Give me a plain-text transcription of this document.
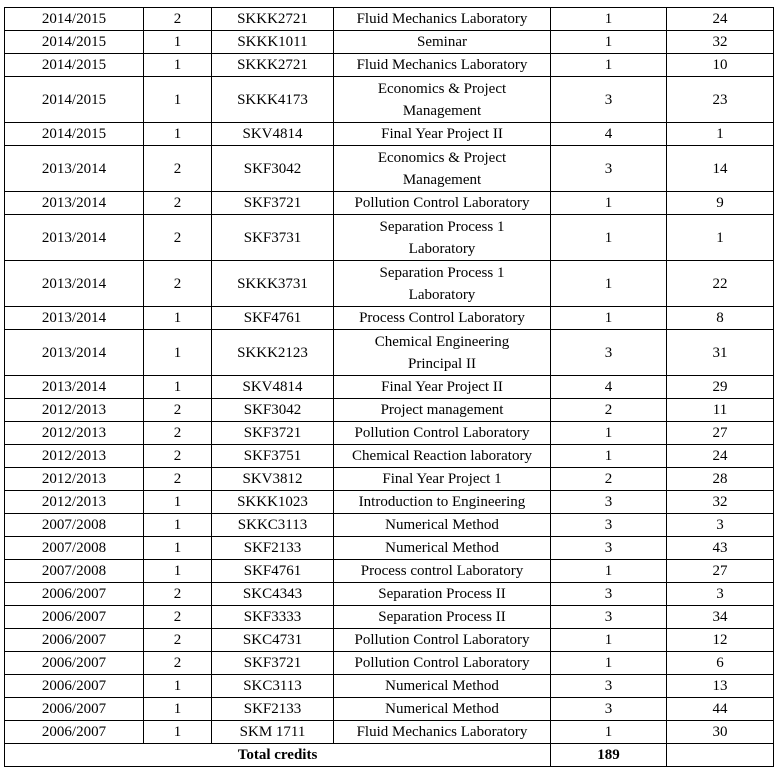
2014/2015	2	SKKK2721	Fluid Mechanics Laboratory	1	24
2014/2015	1	SKKK1011	Seminar	1	32
2014/2015	1	SKKK2721	Fluid Mechanics Laboratory	1	10
2014/2015	1	SKKK4173	Economics & Project Management	3	23
2014/2015	1	SKV4814	Final Year Project II	4	1
2013/2014	2	SKF3042	Economics & Project Management	3	14
2013/2014	2	SKF3721	Pollution Control Laboratory	1	9
2013/2014	2	SKF3731	Separation Process 1 Laboratory	1	1
2013/2014	2	SKKK3731	Separation Process 1 Laboratory	1	22
2013/2014	1	SKF4761	Process Control Laboratory	1	8
2013/2014	1	SKKK2123	Chemical Engineering Principal II	3	31
2013/2014	1	SKV4814	Final Year Project II	4	29
2012/2013	2	SKF3042	Project management	2	11
2012/2013	2	SKF3721	Pollution Control Laboratory	1	27
2012/2013	2	SKF3751	Chemical Reaction laboratory	1	24
2012/2013	2	SKV3812	Final Year Project 1	2	28
2012/2013	1	SKKK1023	Introduction to Engineering	3	32
2007/2008	1	SKKC3113	Numerical Method	3	3
2007/2008	1	SKF2133	Numerical Method	3	43
2007/2008	1	SKF4761	Process control Laboratory	1	27
2006/2007	2	SKC4343	Separation Process II	3	3
2006/2007	2	SKF3333	Separation Process II	3	34
2006/2007	2	SKC4731	Pollution Control Laboratory	1	12
2006/2007	2	SKF3721	Pollution Control Laboratory	1	6
2006/2007	1	SKC3113	Numerical Method	3	13
2006/2007	1	SKF2133	Numerical Method	3	44
2006/2007	1	SKM 1711	Fluid Mechanics Laboratory	1	30
Total credits				189	
